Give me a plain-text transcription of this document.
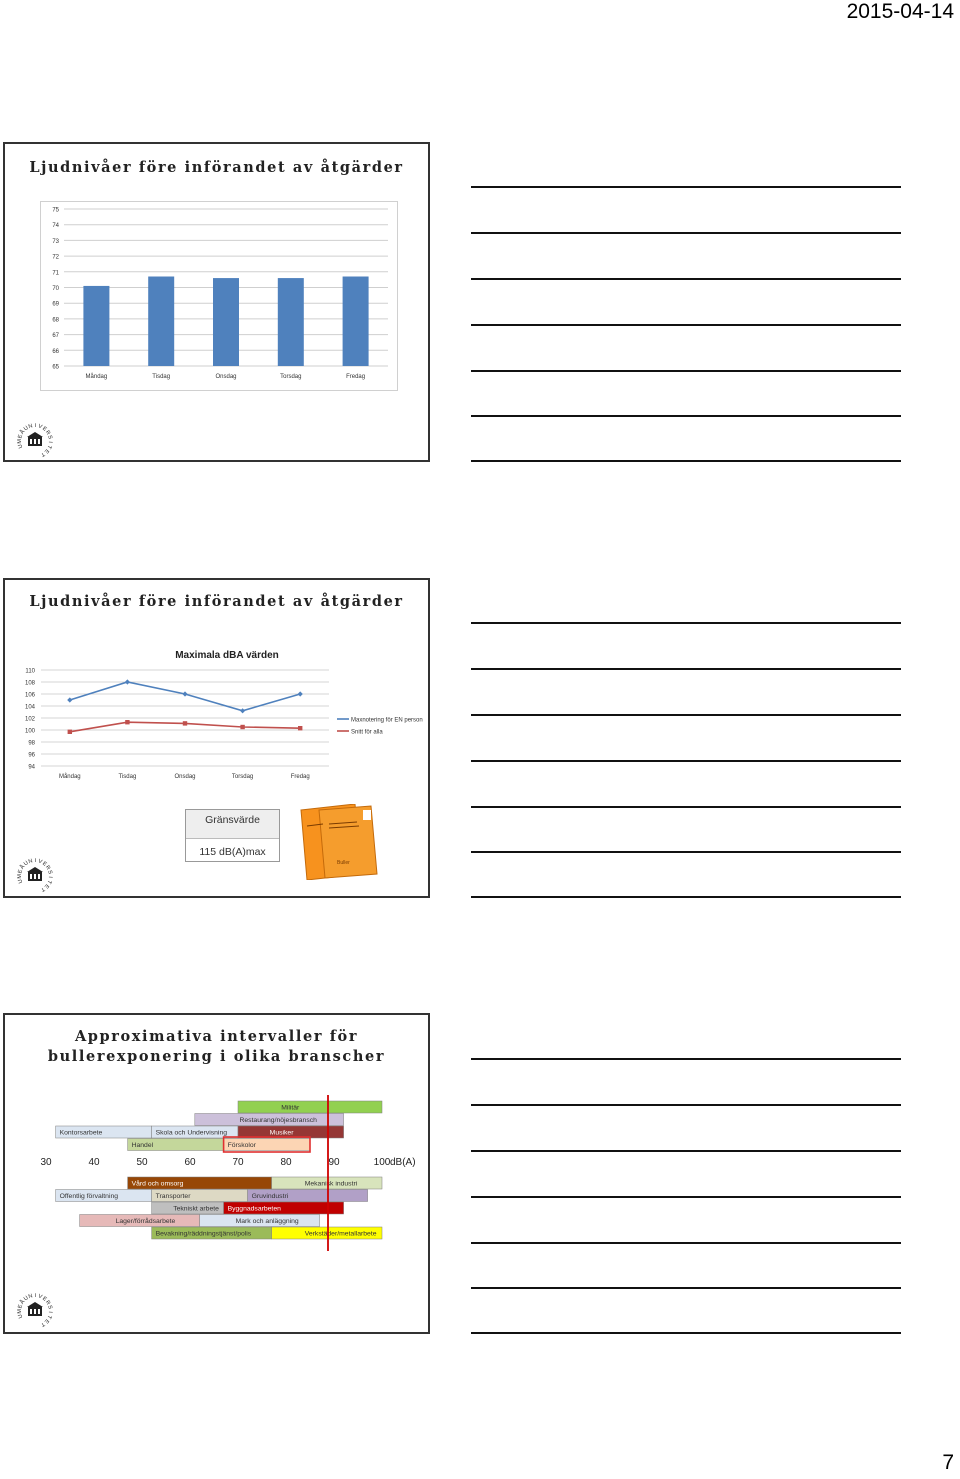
2015-04-14
Ljudnivåer före införandet av åtgärder
65
66
67
68
69
70
71
72
73
74
75
Måndag	Tisdag	Onsdag	Torsdag	Fredag
U
M
E
Å
U
N I V
E
R
S
I
T
E
T
Ljudnivåer före införandet av åtgärder
Maximala dBA värden
94
96
98
100
102
104
106
108
110
Måndag	Tisdag	Onsdag	Torsdag	Fredag
Maxnotering för EN person
Snitt för alla
Gränsvärde
115 dB(A)max
Buller
U
M
E
Å
U
N I V
E
R
S
I
T
E
T
Approximativa intervaller för
bullerexponering i olika branscher
Militär
Restaurang/nöjesbransch
Kontorsarbete	Skola och Undervisning	Musiker
Handel	Förskolor
30	40	50	60	70	80	90	100 dB(A)
Vård och omsorg	Mekanisk industri
Offentlig förvaltning	Transporter	Gruvindustri
Tekniskt arbete Byggnadsarbeten
Lager/förrådsarbete	Mark och anläggning
Bevakning/räddningstjänst/polis	Verkstäder/metallarbete
U
M
E
Å
U
N I V
E
R
S
I
T
E
T
7
